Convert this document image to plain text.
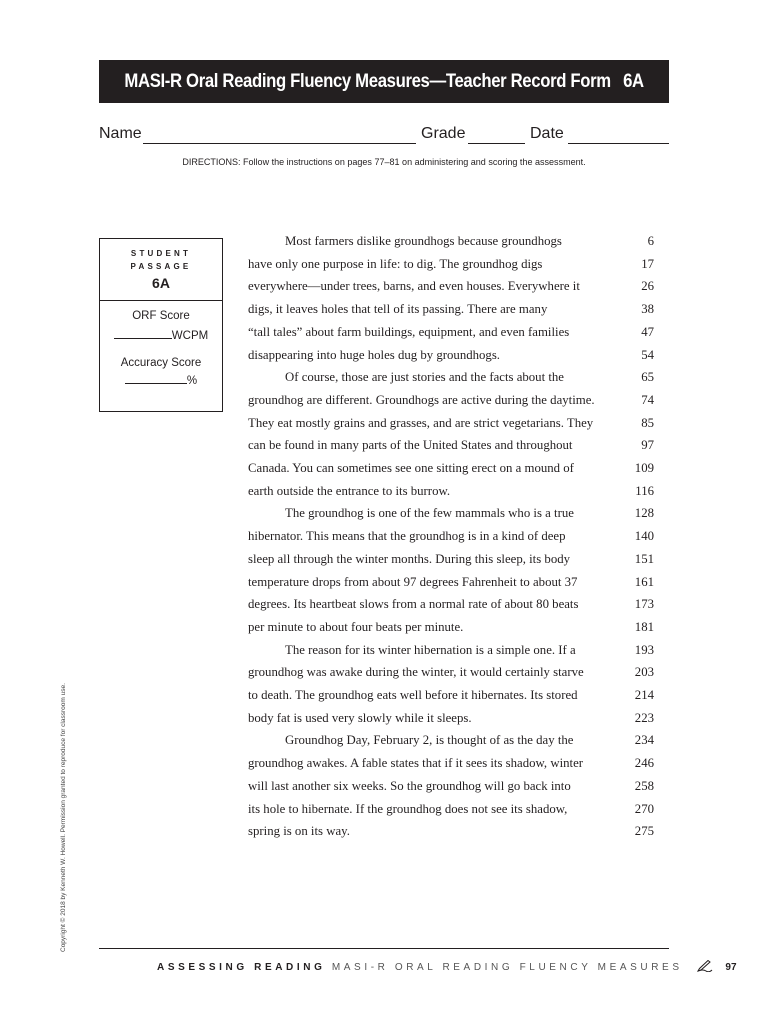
MASI-R Oral Reading Fluency Measures—Teacher Record Form 6A
Name	Grade	Date
DIRECTIONS: Follow the instructions on pages 77–81 on administering and scoring the assessment.
STUDENT
PASSAGE
6A
ORF Score
WCPM
Accuracy Score
%
Most farmers dislike groundhogs because groundhogs	6
have only one purpose in life: to dig. The groundhog digs	17
everywhere—under trees, barns, and even houses. Everywhere it	26
digs, it leaves holes that tell of its passing. There are many	38
“tall tales” about farm buildings, equipment, and even families	47
disappearing into huge holes dug by groundhogs.	54
Of course, those are just stories and the facts about the	65
groundhog are different. Groundhogs are active during the daytime.	74
They eat mostly grains and grasses, and are strict vegetarians. They	85
can be found in many parts of the United States and throughout	97
Canada. You can sometimes see one sitting erect on a mound of	109
earth outside the entrance to its burrow.	116
The groundhog is one of the few mammals who is a true	128
hibernator. This means that the groundhog is in a kind of deep	140
sleep all through the winter months. During this sleep, its body	151
temperature drops from about 97 degrees Fahrenheit to about 37	161
degrees. Its heartbeat slows from a normal rate of about 80 beats	173
per minute to about four beats per minute.	181
The reason for its winter hibernation is a simple one. If a	193
groundhog was awake during the winter, it would certainly starve	203
to death. The groundhog eats well before it hibernates. Its stored	214
body fat is used very slowly while it sleeps.	223
Groundhog Day, February 2, is thought of as the day the	234
groundhog awakes. A fable states that if it sees its shadow, winter	246
will last another six weeks. So the groundhog will go back into	258
its hole to hibernate. If the groundhog does not see its shadow,	270
spring is on its way.	275
ASSESSING READING MASI-R ORAL READING FLUENCY MEASURES	97
Copyright © 2018 by Kenneth W. Howell. Permission granted to reproduce for classroom use.
